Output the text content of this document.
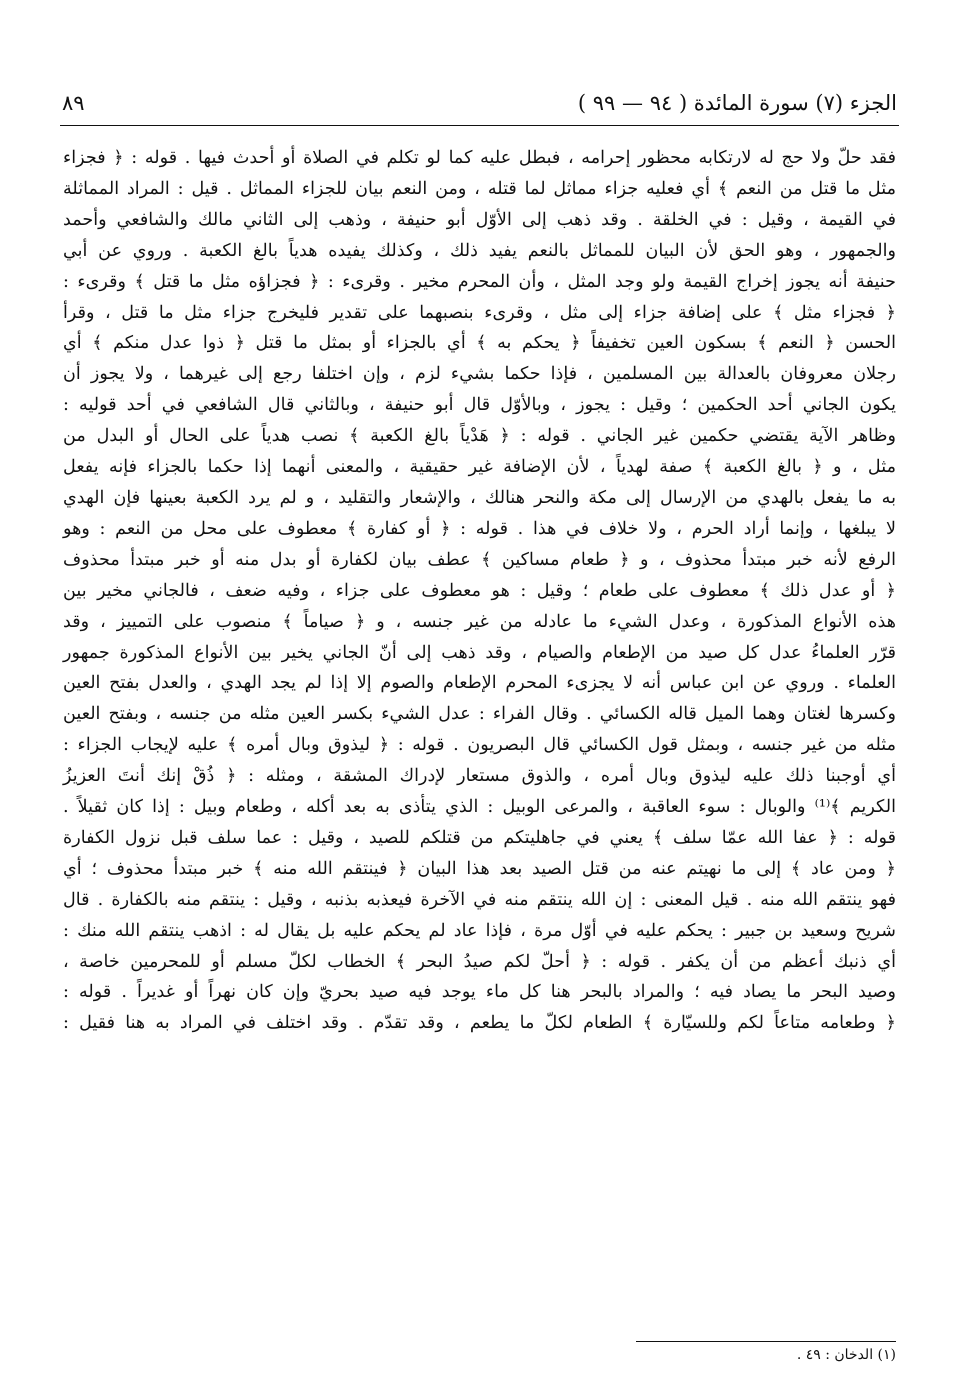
الجزء (٧) سورة المائدة ( ٩٤ — ٩٩ )
٨٩

فقد حلّ ولا حج له لارتكابه محظور إحرامه ، فبطل عليه كما لو تكلم في الصلاة أو أحدث فيها . قوله : ﴿ فجزاء

مثل ما قتل من النعم ﴾ أي فعليه جزاء مماثل لما قتله ، ومن النعم بيان للجزاء المماثل . قيل : المراد المماثلة

في القيمة ، وقيل : في الخلقة . وقد ذهب إلى الأوّل أبو حنيفة ، وذهب إلى الثاني مالك والشافعي وأحمد

والجمهور ، وهو الحق لأن البيان للمماثل بالنعم يفيد ذلك ، وكذلك يفيده هدياً بالغ الكعبة . وروي عن أبي

حنيفة أنه يجوز إخراج القيمة ولو وجد المثل ، وأن المحرم مخير . وقرىء : ﴿ فجزاؤه مثل ما قتل ﴾ وقرىء :

﴿ فجزاء مثل ﴾ على إضافة جزاء إلى مثل ، وقرىء بنصبهما على تقدير فليخرج جزاء مثل ما قتل ، وقرأ

الحسن ﴿ النعم ﴾ بسكون العين تخفيفاً ﴿ يحكم به ﴾ أي بالجزاء أو بمثل ما قتل ﴿ ذوا عدل منكم ﴾ أي

رجلان معروفان بالعدالة بين المسلمين ، فإذا حكما بشيء لزم ، وإن اختلفا رجع إلى غيرهما ، ولا يجوز أن

يكون الجاني أحد الحكمين ؛ وقيل : يجوز ، وبالأوّل قال أبو حنيفة ، وبالثاني قال الشافعي في أحد قوليه :

وظاهر الآية يقتضي حكمين غير الجاني . قوله : ﴿ هَدْياً بالغ الكعبة ﴾ نصب هدياً على الحال أو البدل من

مثل ، و ﴿ بالغ الكعبة ﴾ صفة لهدياً ، لأن الإضافة غير حقيقية ، والمعنى أنهما إذا حكما بالجزاء فإنه يفعل

به ما يفعل بالهدي من الإرسال إلى مكة والنحر هنالك ، والإشعار والتقليد ، و لم يرد الكعبة بعينها فإن الهدي

لا يبلغها ، وإنما أراد الحرم ، ولا خلاف في هذا . قوله : ﴿ أو كفارة ﴾ معطوف على محل من النعم : وهو

الرفع لأنه خبر مبتدأ محذوف ، و ﴿ طعام مساكين ﴾ عطف بيان لكفارة أو بدل منه أو خبر مبتدأ محذوف

﴿ أو عدل ذلك ﴾ معطوف على طعام ؛ وقيل : هو معطوف على جزاء ، وفيه ضعف ، فالجاني مخير بين

هذه الأنواع المذكورة ، وعدل الشيء ما عادله من غير جنسه ، و ﴿ صياماً ﴾ منصوب على التمييز ، وقد

قرّر العلماءُ عدل كل صيد من الإطعام والصيام ، وقد ذهب إلى أنّ الجاني يخير بين الأنواع المذكورة جمهور

العلماء . وروي عن ابن عباس أنه لا يجزىء المحرم الإطعام والصوم إلا إذا لم يجد الهدي ، والعدل بفتح العين

وكسرها لغتان وهما الميل قاله الكسائي . وقال الفراء : عدل الشيء بكسر العين مثله من جنسه ، وبفتح العين

مثله من غير جنسه ، وبمثل قول الكسائي قال البصريون . قوله : ﴿ ليذوق وبال أمره ﴾ عليه لإيجاب الجزاء :

أي أوجبنا ذلك عليه ليذوق وبال أمره ، والذوق مستعار لإدراك المشقة ، ومثله : ﴿ ذُقْ إنك أنتَ العزيزُ

الكريم ﴾⁽¹⁾ والوبال : سوء العاقبة ، والمرعى الوبيل : الذي يتأذى به بعد أكله ، وطعام وبيل : إذا كان ثقيلاً .

قوله : ﴿ عفا الله عمّا سلف ﴾ يعني في جاهليتكم من قتلكم للصيد ، وقيل : عما سلف قبل نزول الكفارة

﴿ ومن عاد ﴾ إلى ما نهيتم عنه من قتل الصيد بعد هذا البيان ﴿ فينتقم الله منه ﴾ خبر مبتدأ محذوف ؛ أي

فهو ينتقم الله منه . قيل المعنى : إن الله ينتقم منه في الآخرة فيعذبه بذنبه ، وقيل : ينتقم منه بالكفارة . قال

شريح وسعيد بن جبير : يحكم عليه في أوّل مرة ، فإذا عاد لم يحكم عليه بل يقال له : اذهب ينتقم الله منك :

أي ذنبك أعظم من أن يكفر . قوله : ﴿ أحلّ لكم صيدُ البحر ﴾ الخطاب لكلّ مسلم أو للمحرمين خاصة ،

وصيد البحر ما يصاد فيه ؛ والمراد بالبحر هنا كل ماء يوجد فيه صيد بحريّ وإن كان نهراً أو غديراً . قوله :

﴿ وطعامه متاعاً لكم وللسيّارة ﴾ الطعام لكلّ ما يطعم ، وقد تقدّم . وقد اختلف في المراد به هنا فقيل :

(١) الدخان : ٤٩ .
